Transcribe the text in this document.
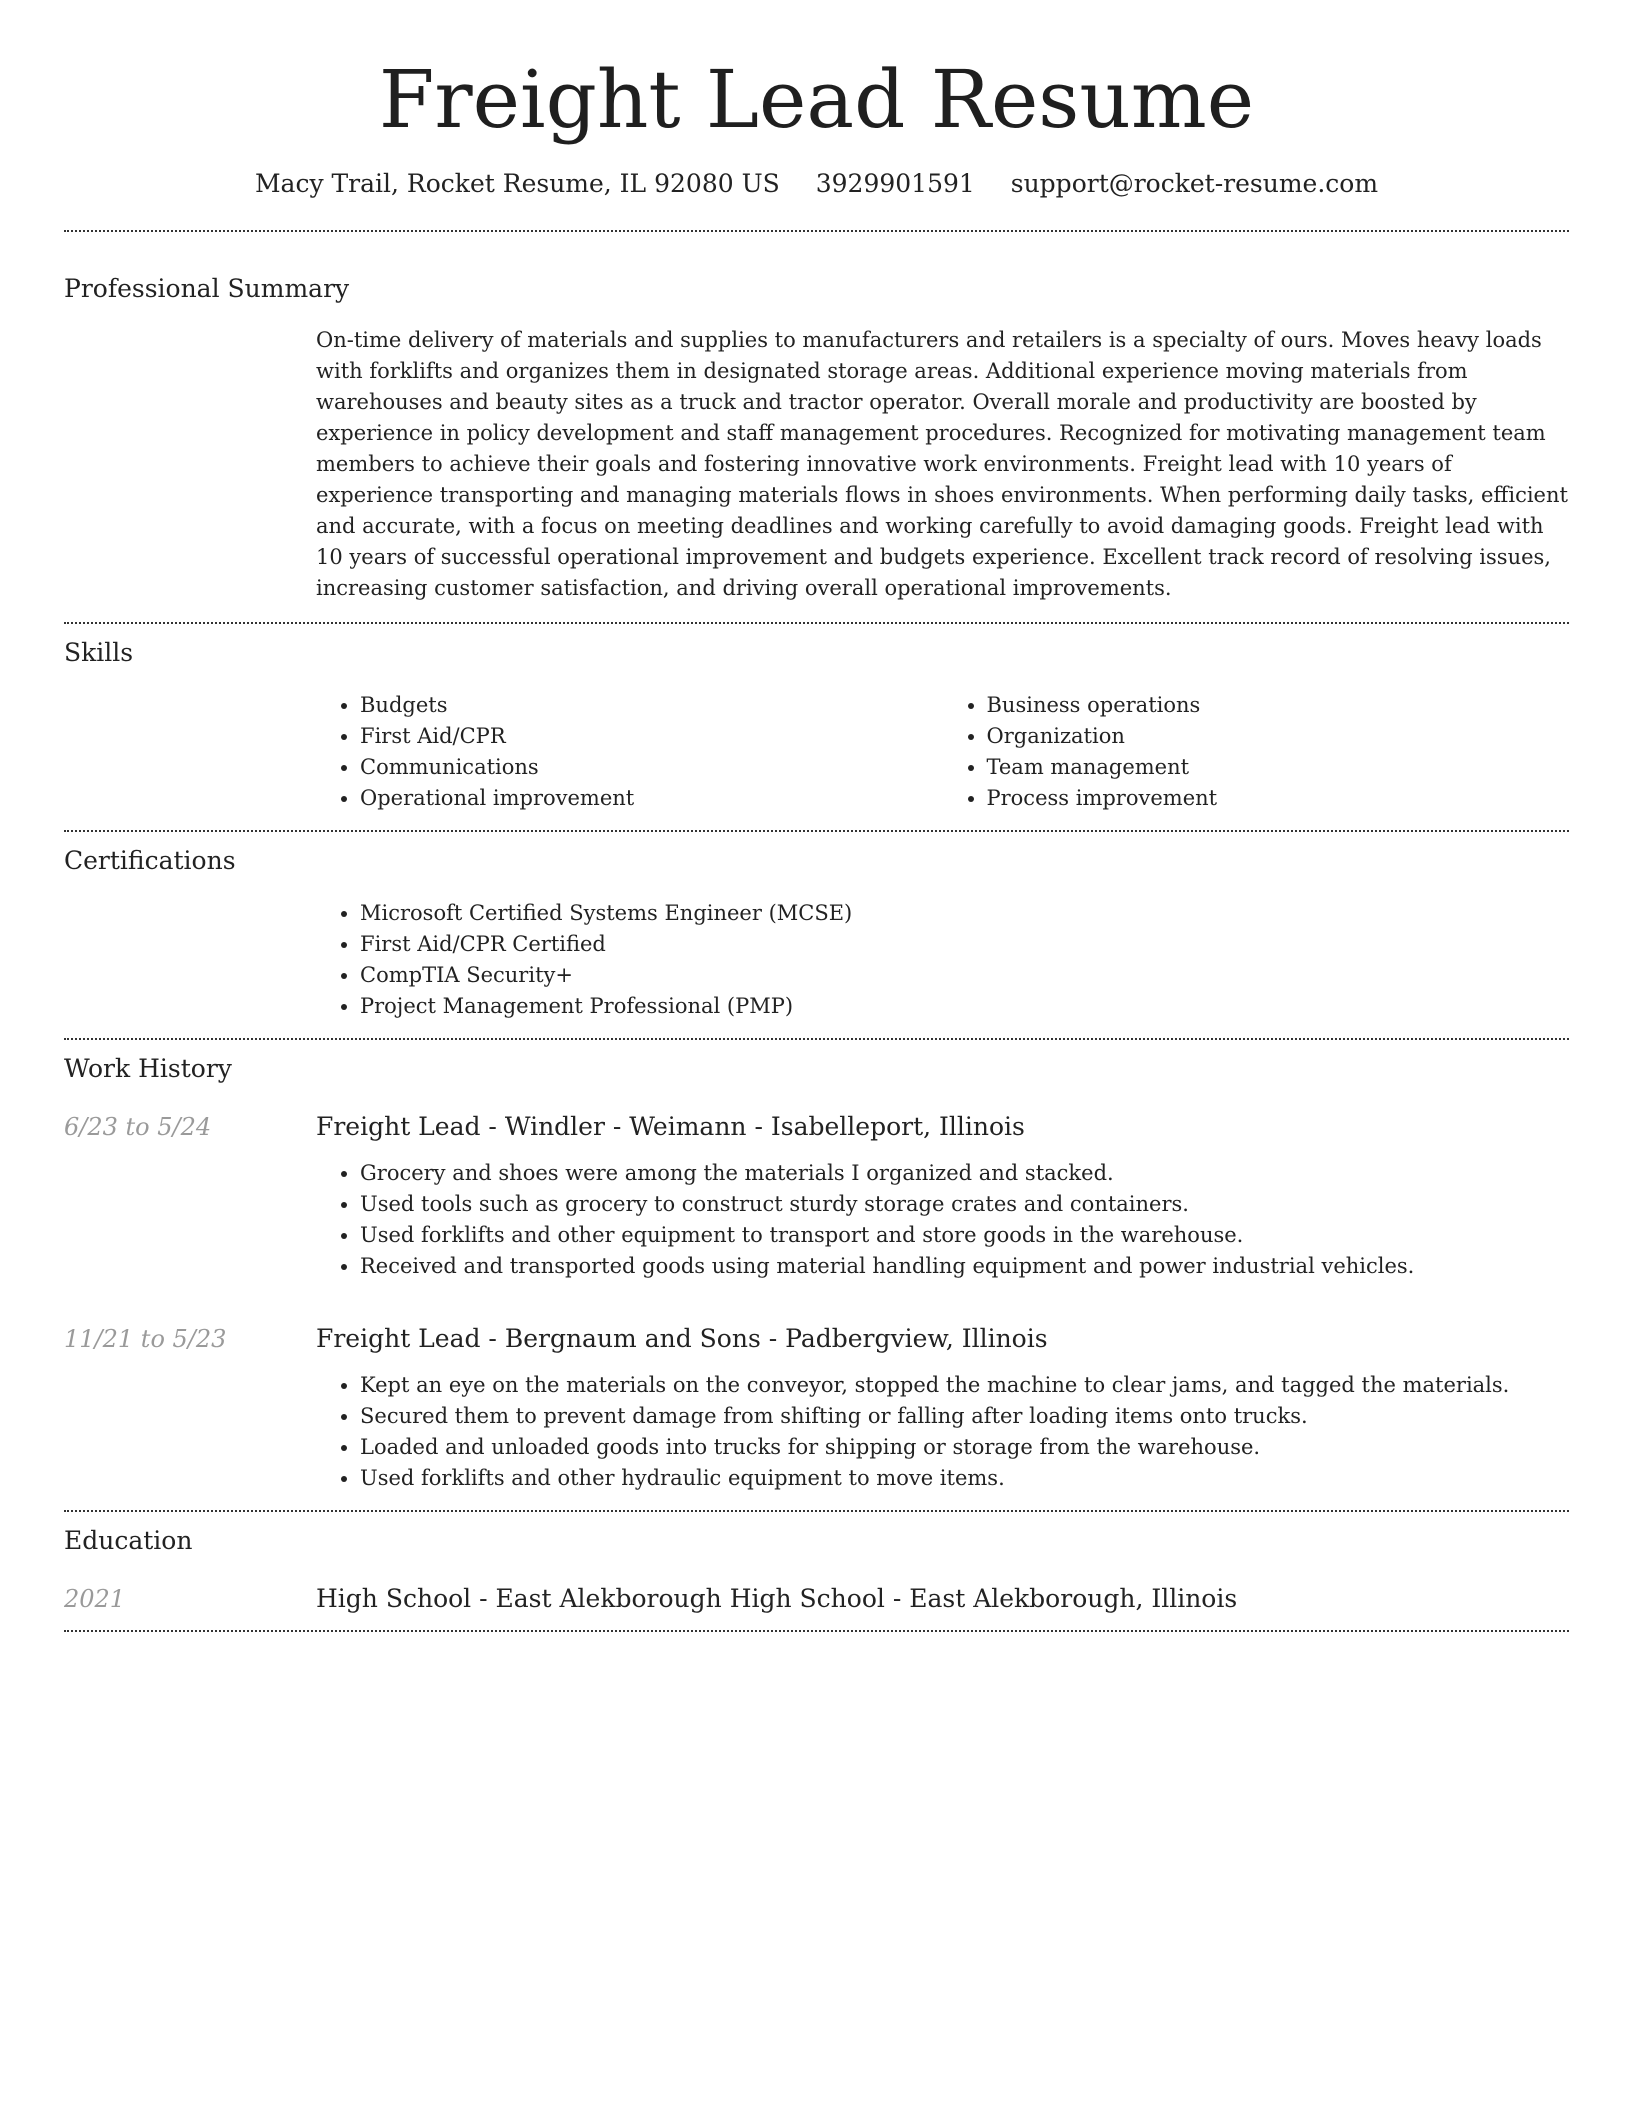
Freight Lead Resume
Macy Trail, Rocket Resume, IL 92080 US 3929901591 support@rocket-resume.com
Professional Summary

On-time delivery of materials and supplies to manufacturers and retailers is a specialty of ours. Moves heavy loads with forklifts and organizes them in designated storage areas. Additional experience moving materials from warehouses and beauty sites as a truck and tractor operator. Overall morale and productivity are boosted by experience in policy development and staff management procedures. Recognized for motivating management team members to achieve their goals and fostering innovative work environments. Freight lead with 10 years of experience transporting and managing materials flows in shoes environments. When performing daily tasks, efficient and accurate, with a focus on meeting deadlines and working carefully to avoid damaging goods. Freight lead with 10 years of successful operational improvement and budgets experience. Excellent track record of resolving issues, increasing customer satisfaction, and driving overall operational improvements.

Skills
• Budgets
• First Aid/CPR
• Communications
• Operational improvement
• Business operations
• Organization
• Team management
• Process improvement
Certifications
• Microsoft Certified Systems Engineer (MCSE)
• First Aid/CPR Certified
• CompTIA Security+
• Project Management Professional (PMP)
Work History
6/23 to 5/24	Freight Lead - Windler - Weimann - Isabelleport, Illinois
• Grocery and shoes were among the materials I organized and stacked.
• Used tools such as grocery to construct sturdy storage crates and containers.
• Used forklifts and other equipment to transport and store goods in the warehouse.
• Received and transported goods using material handling equipment and power industrial vehicles.
11/21 to 5/23	Freight Lead - Bergnaum and Sons - Padbergview, Illinois
• Kept an eye on the materials on the conveyor, stopped the machine to clear jams, and tagged the materials.
• Secured them to prevent damage from shifting or falling after loading items onto trucks.
• Loaded and unloaded goods into trucks for shipping or storage from the warehouse.
• Used forklifts and other hydraulic equipment to move items.
Education
2021	High School - East Alekborough High School - East Alekborough, Illinois
